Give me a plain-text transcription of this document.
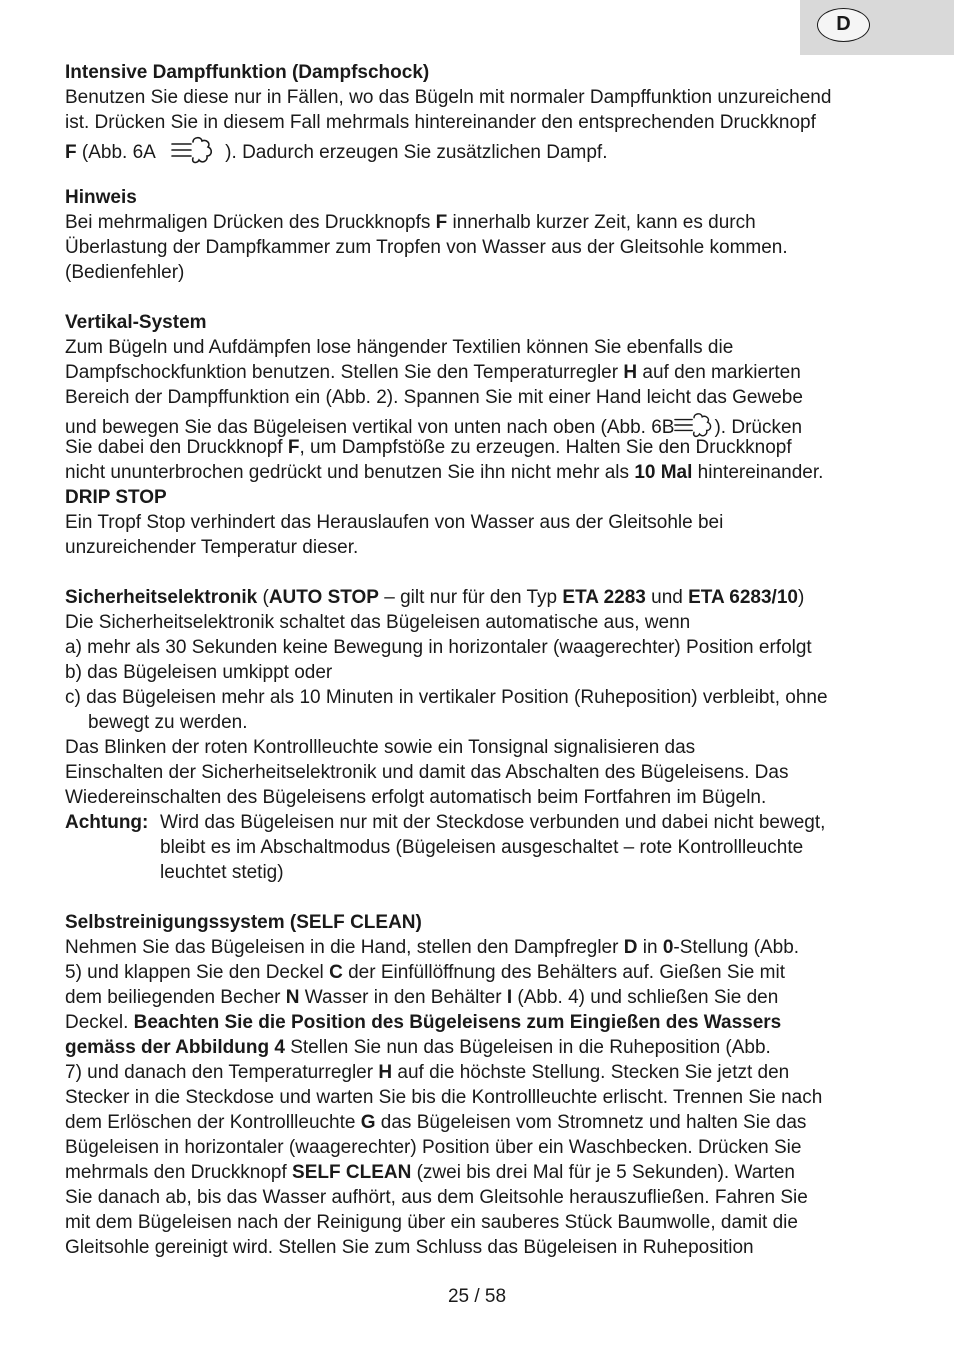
D
Intensive Dampffunktion (Dampfschock)
Benutzen Sie diese nur in Fällen, wo das Bügeln mit normaler Dampffunktion unzureichend
ist. Drücken Sie in diesem Fall mehrmals hintereinander den entsprechenden Druckknopf
F (Abb. 6A	). Dadurch erzeugen Sie zusätzlichen Dampf.
Hinweis
Bei mehrmaligen Drücken des Druckknopfs F innerhalb kurzer Zeit, kann es durch
Überlastung der Dampfkammer zum Tropfen von Wasser aus der Gleitsohle kommen.
(Bedienfehler)
Vertikal-System
Zum Bügeln und Aufdämpfen lose hängender Textilien können Sie ebenfalls die
Dampfschockfunktion benutzen. Stellen Sie den Temperaturregler H auf den markierten
Bereich der Dampffunktion ein (Abb. 2). Spannen Sie mit einer Hand leicht das Gewebe
und bewegen Sie das Bügeleisen vertikal von unten nach oben (Abb. 6B ). Drücken
Sie dabei den Druckknopf F, um Dampfstöße zu erzeugen. Halten Sie den Druckknopf
nicht ununterbrochen gedrückt und benutzen Sie ihn nicht mehr als 10 Mal hintereinander.
DRIP STOP
Ein Tropf Stop verhindert das Herauslaufen von Wasser aus der Gleitsohle bei
unzureichender Temperatur dieser.
Sicherheitselektronik (AUTO STOP – gilt nur für den Typ ETA 2283 und ETA 6283/10)
Die Sicherheitselektronik schaltet das Bügeleisen automatische aus, wenn
a) mehr als 30 Sekunden keine Bewegung in horizontaler (waagerechter) Position erfolgt
b) das Bügeleisen umkippt oder
c) das Bügeleisen mehr als 10 Minuten in vertikaler Position (Ruheposition) verbleibt, ohne
bewegt zu werden.
Das Blinken der roten Kontrollleuchte sowie ein Tonsignal signalisieren das
Einschalten der Sicherheitselektronik und damit das Abschalten des Bügeleisens. Das
Wiedereinschalten des Bügeleisens erfolgt automatisch beim Fortfahren im Bügeln.
Achtung: Wird das Bügeleisen nur mit der Steckdose verbunden und dabei nicht bewegt,
bleibt es im Abschaltmodus (Bügeleisen ausgeschaltet – rote Kontrollleuchte
leuchtet stetig)
Selbstreinigungssystem (SELF CLEAN)
Nehmen Sie das Bügeleisen in die Hand, stellen den Dampfregler D in 0-Stellung (Abb.
5) und klappen Sie den Deckel C der Einfüllöffnung des Behälters auf. Gießen Sie mit
dem beiliegenden Becher N Wasser in den Behälter I (Abb. 4) und schließen Sie den
Deckel. Beachten Sie die Position des Bügeleisens zum Eingießen des Wassers
gemäss der Abbildung 4 Stellen Sie nun das Bügeleisen in die Ruheposition (Abb.
7) und danach den Temperaturregler H auf die höchste Stellung. Stecken Sie jetzt den
Stecker in die Steckdose und warten Sie bis die Kontrollleuchte erlischt. Trennen Sie nach
dem Erlöschen der Kontrollleuchte G das Bügeleisen vom Stromnetz und halten Sie das
Bügeleisen in horizontaler (waagerechter) Position über ein Waschbecken. Drücken Sie
mehrmals den Druckknopf SELF CLEAN (zwei bis drei Mal für je 5 Sekunden). Warten
Sie danach ab, bis das Wasser aufhört, aus dem Gleitsohle herauszufließen. Fahren Sie
mit dem Bügeleisen nach der Reinigung über ein sauberes Stück Baumwolle, damit die
Gleitsohle gereinigt wird. Stellen Sie zum Schluss das Bügeleisen in Ruheposition
25 / 58
